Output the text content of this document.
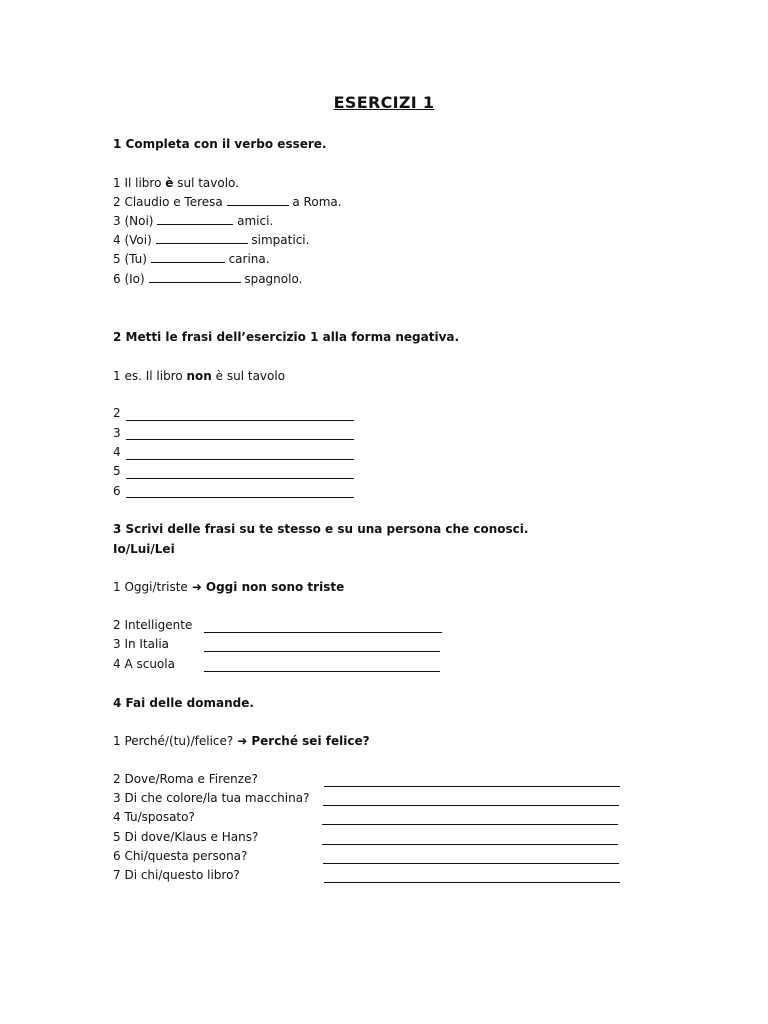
ESERCIZI 1
1 Completa con il verbo essere.
1 Il libro è sul tavolo.
2 Claudio e Teresa	a Roma.
3 (Noi)	amici.
4 (Voi)	simpatici.
5 (Tu)	carina.
6 (Io)	spagnolo.
2 Metti le frasi dell’esercizio 1 alla forma negativa.
1 es. Il libro non è sul tavolo
2
3
4
5
6
3 Scrivi delle frasi su te stesso e su una persona che conosci.
Io/Lui/Lei
1 Oggi/triste ➜ Oggi non sono triste
2 Intelligente
3 In Italia
4 A scuola
4 Fai delle domande.
1 Perché/(tu)/felice? ➜ Perché sei felice?
2 Dove/Roma e Firenze?
3 Di che colore/la tua macchina?
4 Tu/sposato?
5 Di dove/Klaus e Hans?
6 Chi/questa persona?
7 Di chi/questo libro?
